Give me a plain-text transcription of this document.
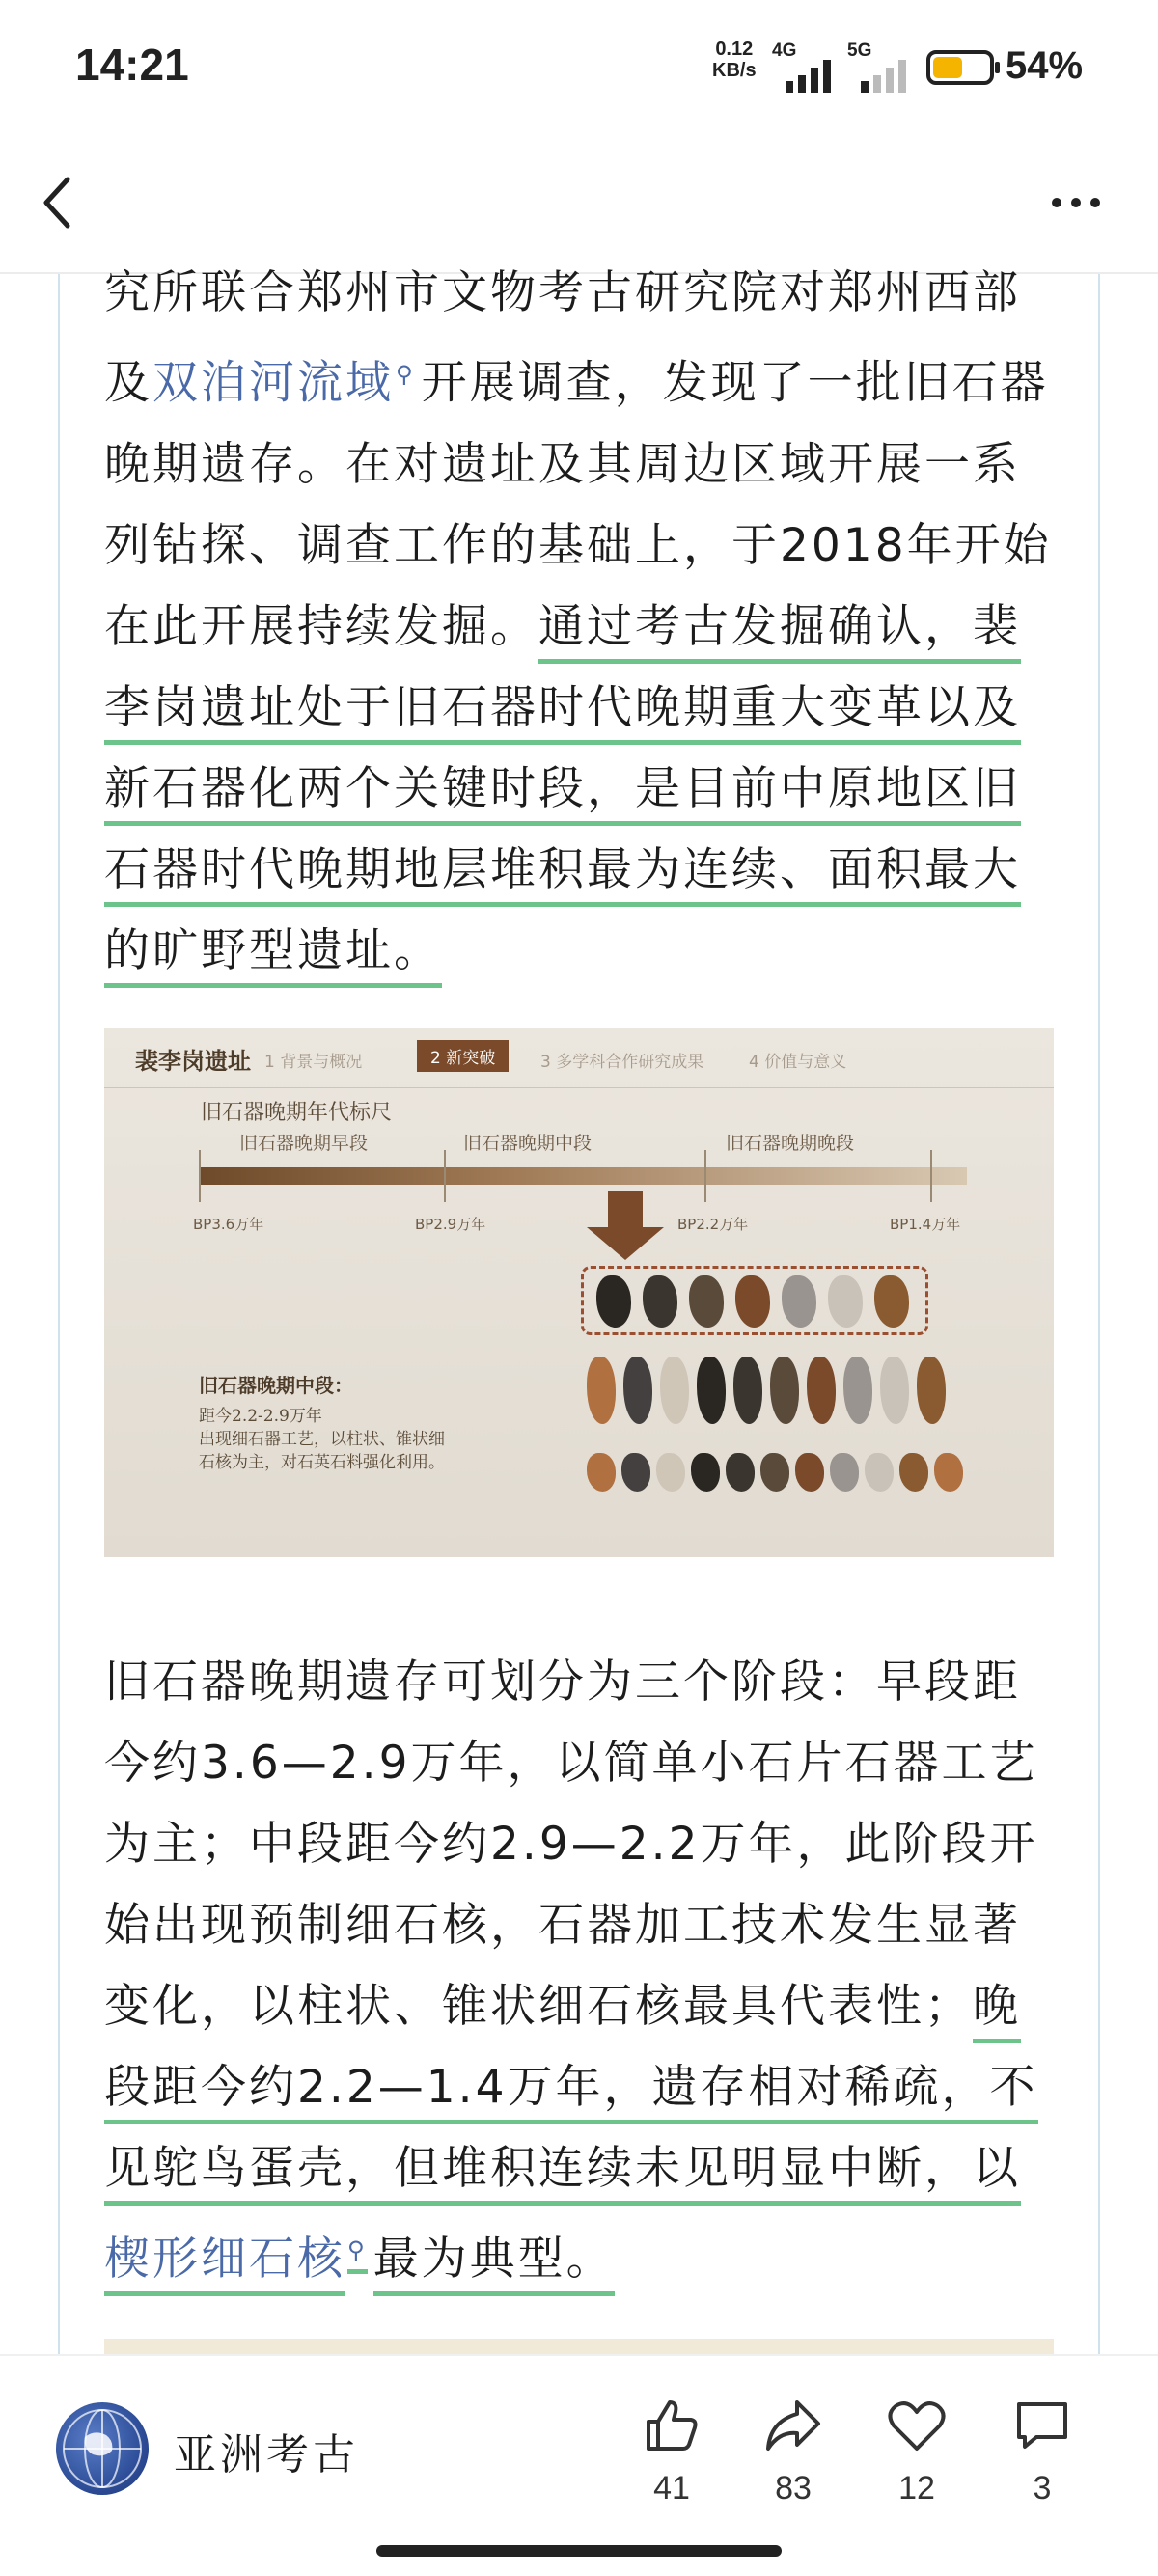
14:21	0.12
KB/s
4G	5G	54%
究所联合郑州市文物考古研究院对郑州西部及双洎河流域⚲ 开展调查，发现了一批旧石器晚期遗存。在对遗址及其周边区域开展一系列钻探、调查工作的基础上，于2018年开始在此开展持续发掘。通过考古发掘确认，裴李岗遗址处于旧石器时代晚期重大变革以及新石器化两个关键时段，是目前中原地区旧石器时代晚期地层堆积最为连续、面积最大的旷野型遗址。
裴李岗遗址 1 背景与概况	2 新突破	3 多学科合作研究成果	4 价值与意义
旧石器晚期年代标尺
旧石器晚期早段	旧石器晚期中段	旧石器晚期晚段
BP3.6万年	BP2.9万年	BP2.2万年	BP1.4万年
旧石器晚期中段：
距今2.2-2.9万年
出现细石器工艺，以柱状、锥状细
石核为主，对石英石料强化利用。
旧石器晚期遗存可划分为三个阶段：早段距今约3.6—2.9万年，以简单小石片石器工艺为主；中段距今约2.9—2.2万年，此阶段开始出现预制细石核，石器加工技术发生显著变化，以柱状、锥状细石核最具代表性；晚段距今约2.2—1.4万年，遗存相对稀疏，不见鸵鸟蛋壳，但堆积连续未见明显中断，以楔形细石核⚲ 最为典型。
亚洲考古
41	83	12	3
